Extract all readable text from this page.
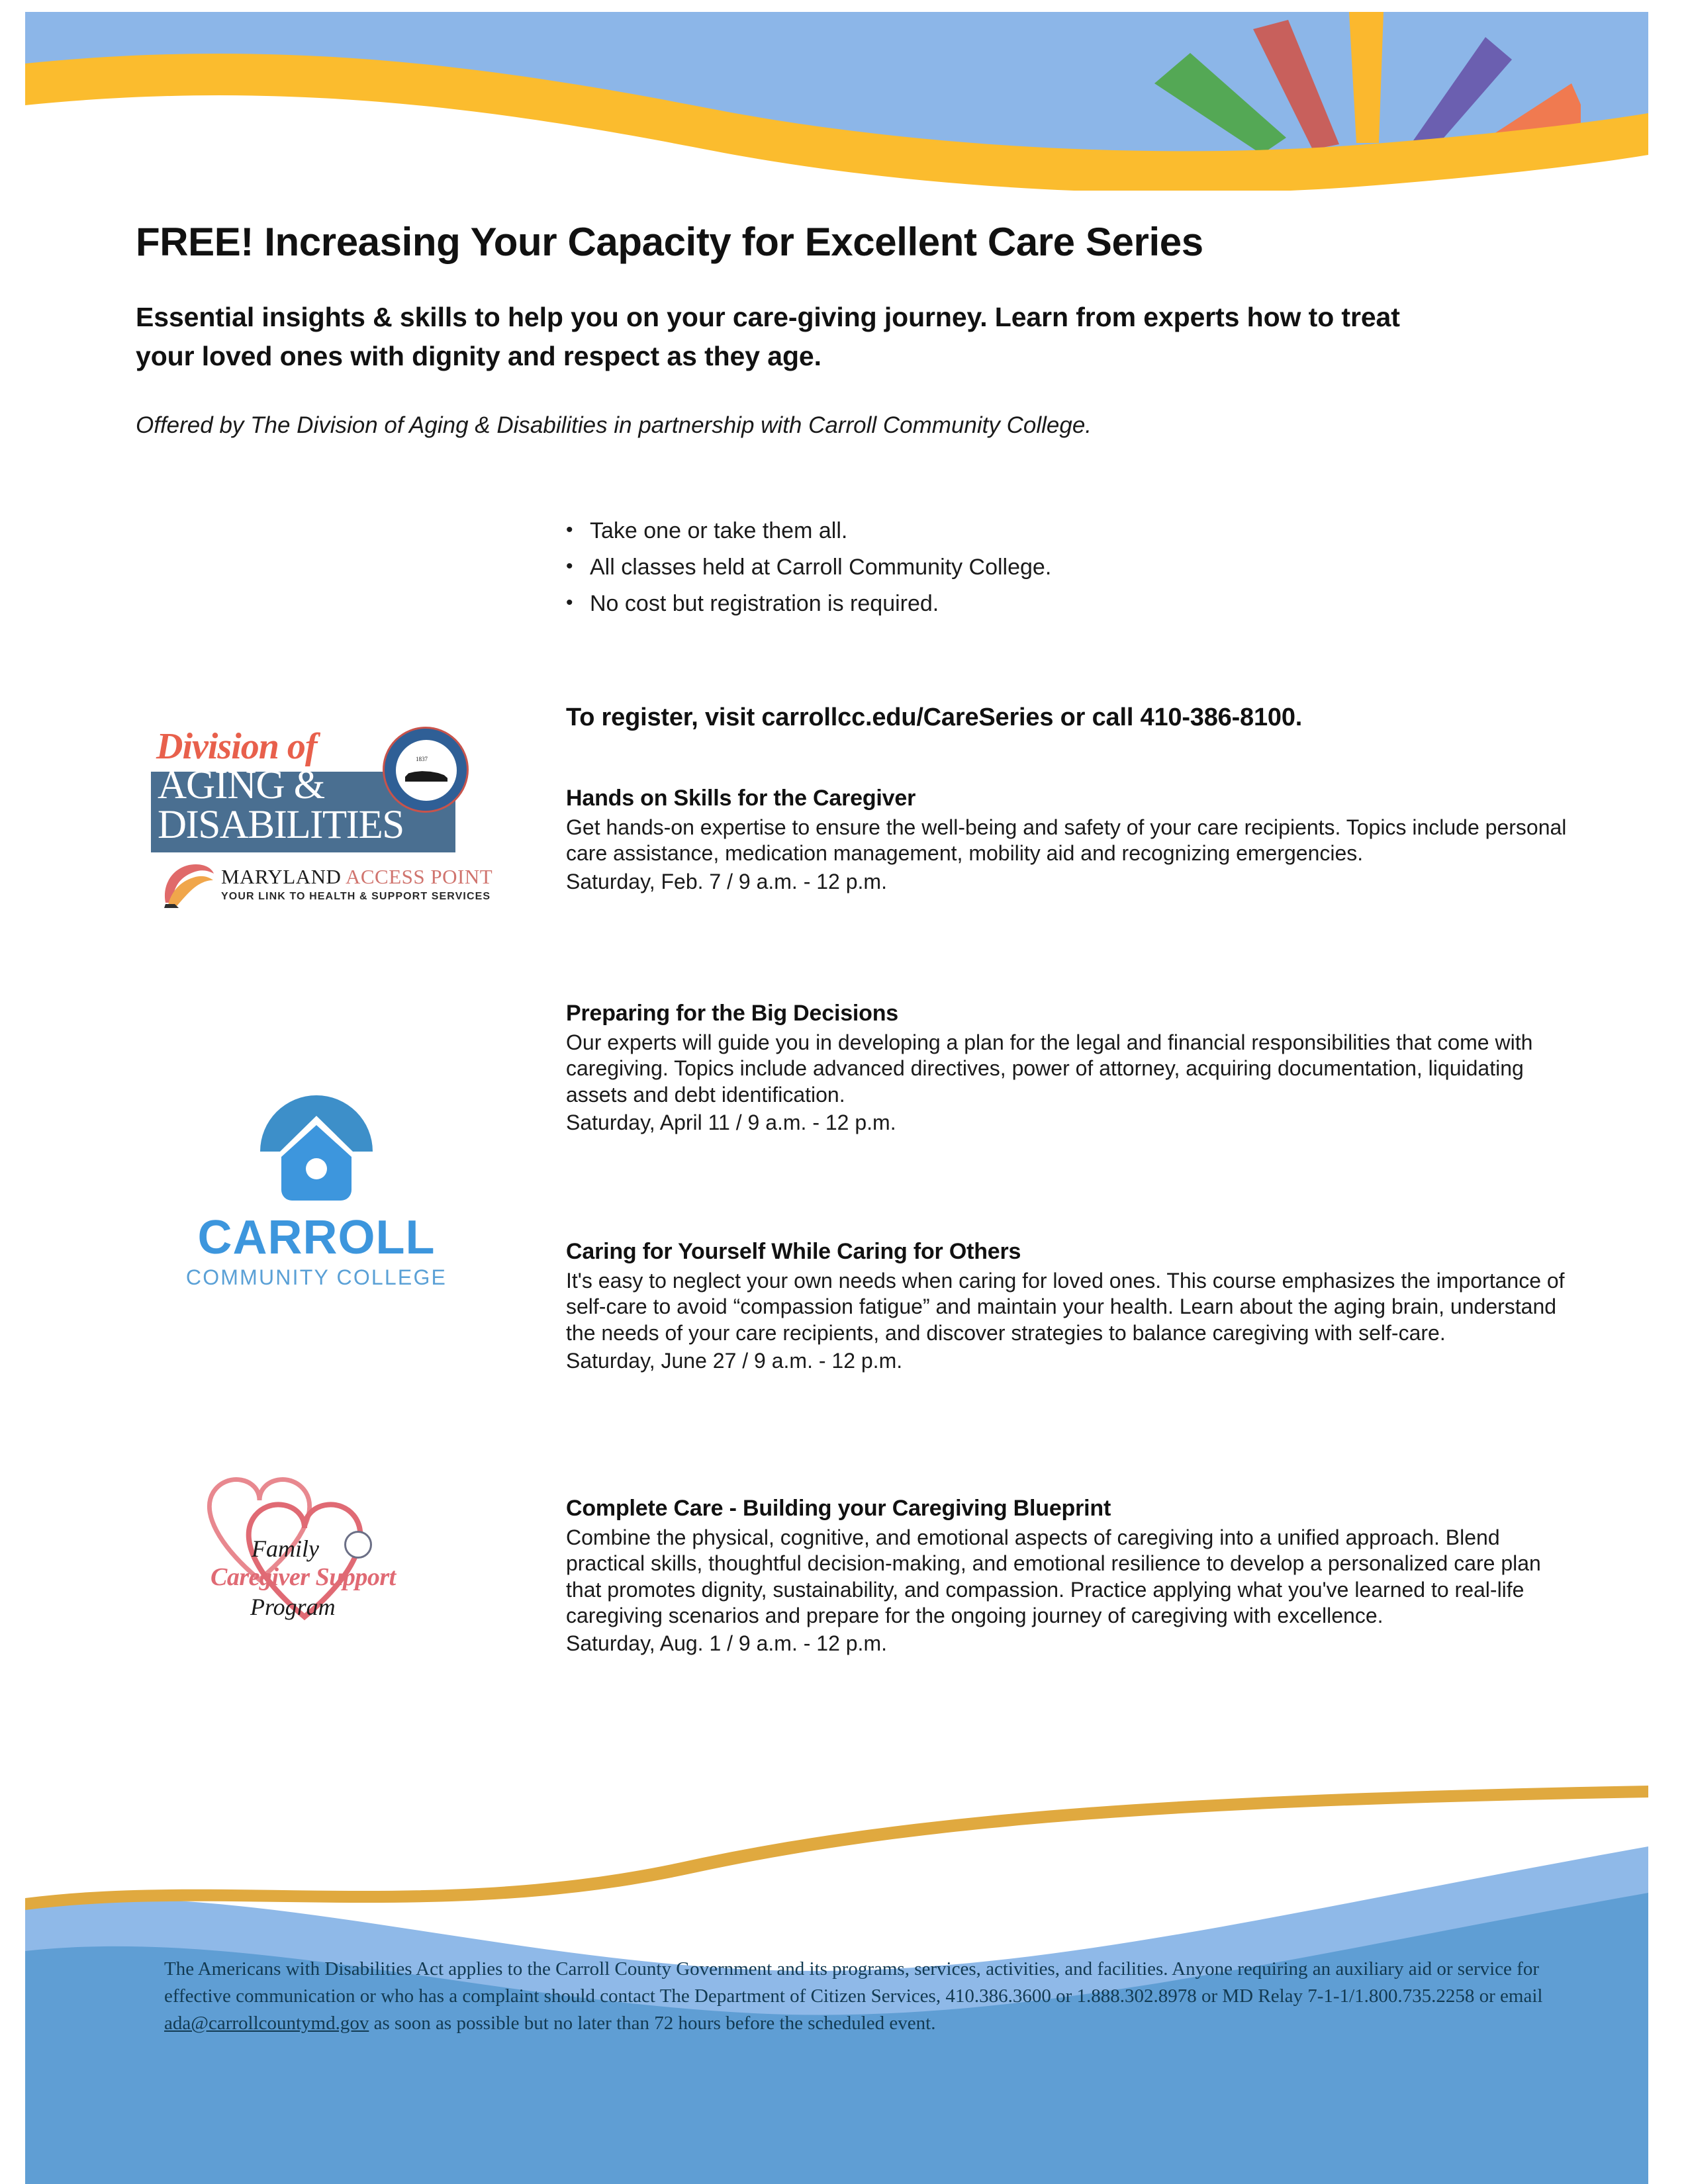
FREE! Increasing Your Capacity for Excellent Care Series
Essential insights & skills to help you on your care-giving journey. Learn from experts how to treat your loved ones with dignity and respect as they age.
Offered by The Division of Aging & Disabilities in partnership with Carroll Community College.
• Take one or take them all.
• All classes held at Carroll Community College.
• No cost but registration is required.
To register, visit carrollcc.edu/CareSeries or call 410-386-8100.
Hands on Skills for the Caregiver
Get hands-on expertise to ensure the well-being and safety of your care recipients. Topics include personal care assistance, medication management, mobility aid and recognizing emergencies.
Saturday, Feb. 7 / 9 a.m. - 12 p.m.
Preparing for the Big Decisions
Our experts will guide you in developing a plan for the legal and financial responsibilities that come with caregiving. Topics include advanced directives, power of attorney, acquiring documentation, liquidating assets and debt identification.
Saturday, April 11 / 9 a.m. - 12 p.m.
Caring for Yourself While Caring for Others
It's easy to neglect your own needs when caring for loved ones. This course emphasizes the importance of self-care to avoid “compassion fatigue” and maintain your health. Learn about the aging brain, understand the needs of your care recipients, and discover strategies to balance caregiving with self-care.
Saturday, June 27 / 9 a.m. - 12 p.m.
Complete Care - Building your Caregiving Blueprint
Combine the physical, cognitive, and emotional aspects of caregiving into a unified approach. Blend practical skills, thoughtful decision-making, and emotional resilience to develop a personalized care plan that promotes dignity, sustainability, and compassion. Practice applying what you've learned to real-life caregiving scenarios and prepare for the ongoing journey of caregiving with excellence.
Saturday, Aug. 1 / 9 a.m. - 12 p.m.
Division of
AGING &
DISABILITIES
1837
MARYLAND ACCESS POINT
YOUR LINK TO HEALTH & SUPPORT SERVICES
CARROLL
COMMUNITY COLLEGE
Family
Caregiver Support
Program
The Americans with Disabilities Act applies to the Carroll County Government and its programs, services, activities, and facilities. Anyone requiring an auxiliary aid or service for effective communication or who has a complaint should contact The Department of Citizen Services, 410.386.3600 or 1.888.302.8978 or MD Relay 7-1-1/1.800.735.2258 or email ada@carrollcountymd.gov as soon as possible but no later than 72 hours before the scheduled event.
